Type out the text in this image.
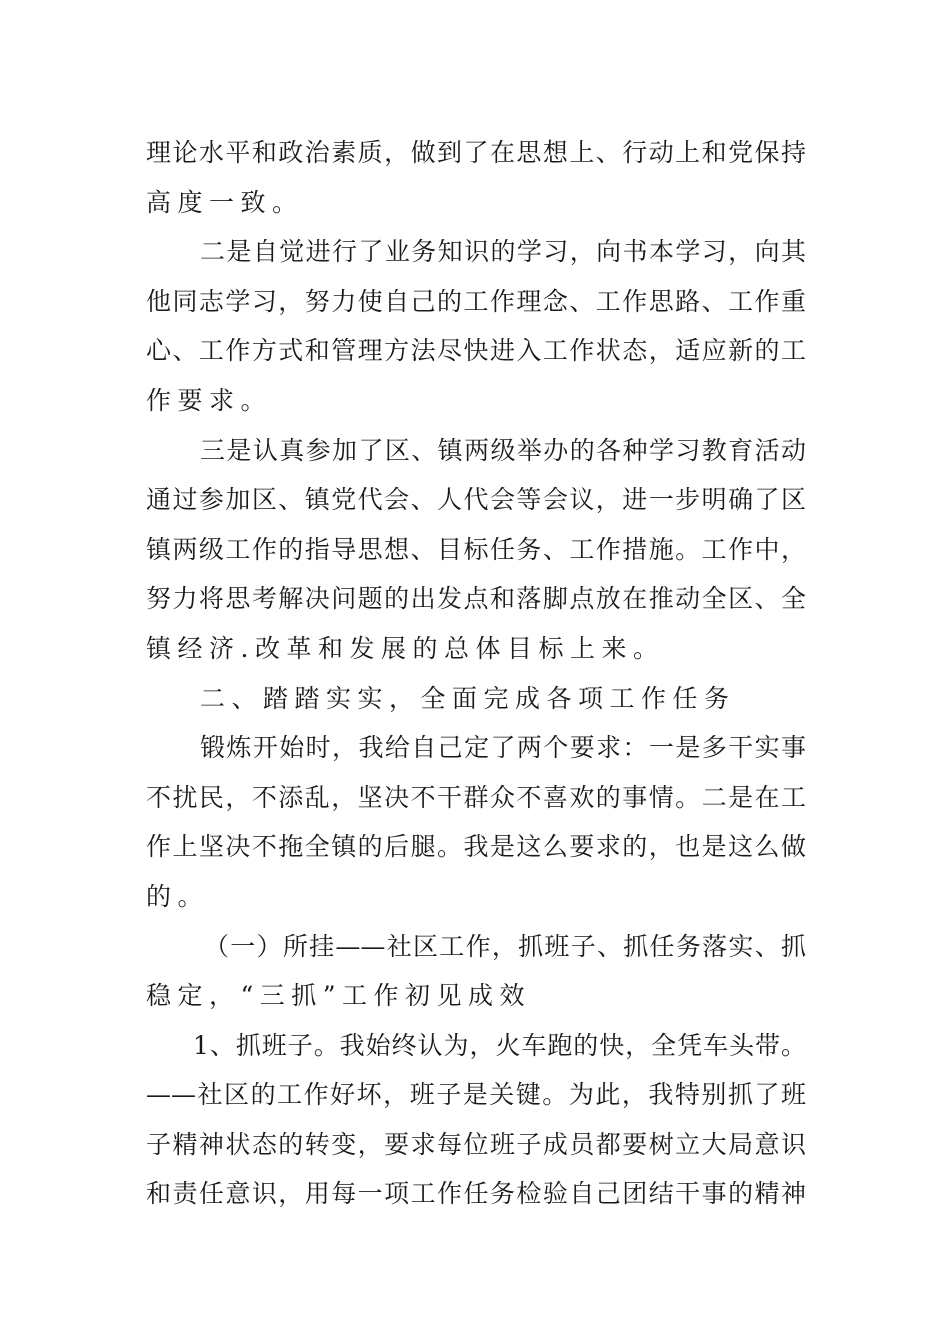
理论水平和政治素质，做到了在思想上、行动上和党保持
高度一致。
二是自觉进行了业务知识的学习，向书本学习，向其
他同志学习，努力使自己的工作理念、工作思路、工作重
心、工作方式和管理方法尽快进入工作状态，适应新的工
作要求。
三是认真参加了区、镇两级举办的各种学习教育活动
通过参加区、镇党代会、人代会等会议，进一步明确了区
镇两级工作的指导思想、目标任务、工作措施。工作中，
努力将思考解决问题的出发点和落脚点放在推动全区、全
镇经济.改革和发展的总体目标上来。
二、踏踏实实，全面完成各项工作任务
锻炼开始时，我给自己定了两个要求：一是多干实事
不扰民，不添乱，坚决不干群众不喜欢的事情。二是在工
作上坚决不拖全镇的后腿。我是这么要求的，也是这么做
的。
（一）所挂——社区工作，抓班子、抓任务落实、抓
稳定，“三抓”工作初见成效
1、抓班子。我始终认为，火车跑的快，全凭车头带。
——社区的工作好坏，班子是关键。为此，我特别抓了班
子精神状态的转变，要求每位班子成员都要树立大局意识
和责任意识，用每一项工作任务检验自己团结干事的精神
